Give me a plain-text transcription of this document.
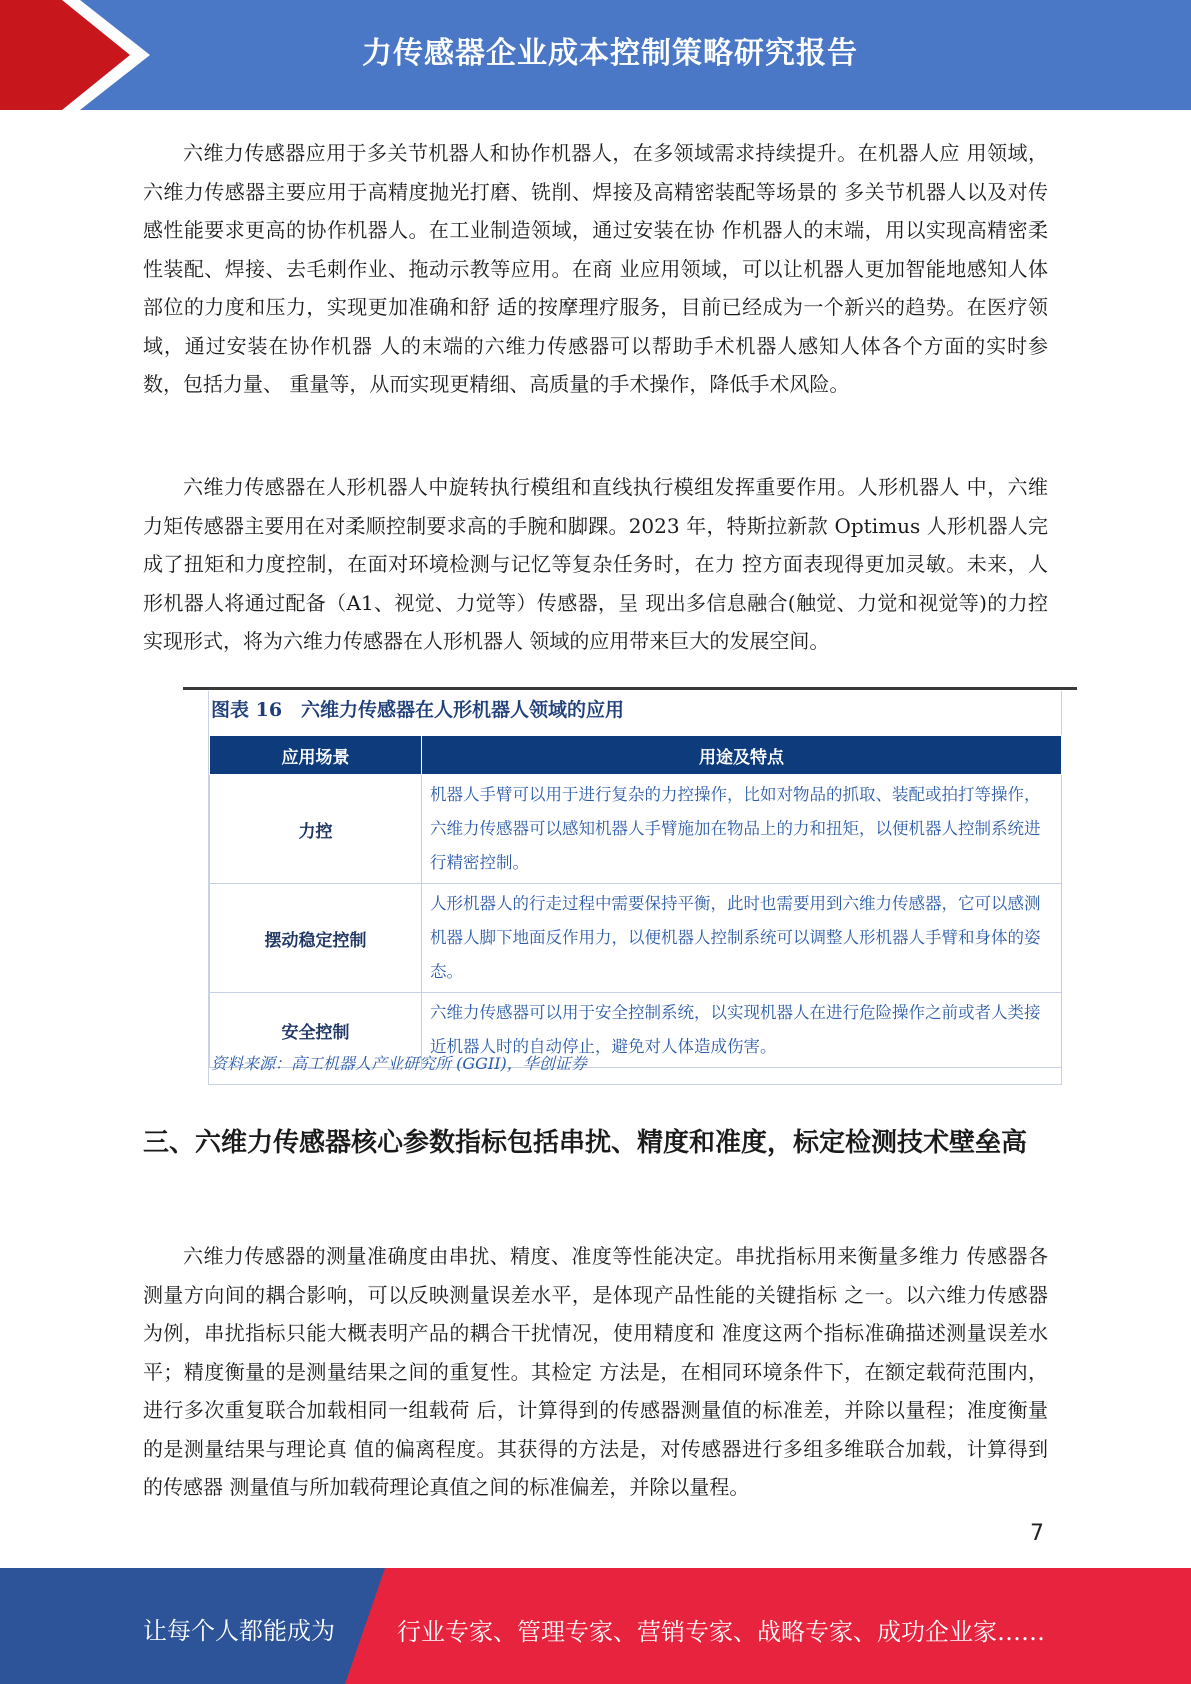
力传感器企业成本控制策略研究报告

六维力传感器应用于多关节机器人和协作机器人，在多领域需求持续提升。在机器人应 用领域，六维力传感器主要应用于高精度抛光打磨、铣削、焊接及高精密装配等场景的 多关节机器人以及对传感性能要求更高的协作机器人。在工业制造领域，通过安装在协 作机器人的末端，用以实现高精密柔性装配、焊接、去毛刺作业、拖动示教等应用。在商 业应用领域，可以让机器人更加智能地感知人体部位的力度和压力，实现更加准确和舒 适的按摩理疗服务，目前已经成为一个新兴的趋势。在医疗领域，通过安装在协作机器 人的末端的六维力传感器可以帮助手术机器人感知人体各个方面的实时参数，包括力量、 重量等，从而实现更精细、高质量的手术操作，降低手术风险。

六维力传感器在人形机器人中旋转执行模组和直线执行模组发挥重要作用。人形机器人 中，六维力矩传感器主要用在对柔顺控制要求高的手腕和脚踝。2023 年，特斯拉新款 Optimus 人形机器人完成了扭矩和力度控制，在面对环境检测与记忆等复杂任务时，在力 控方面表现得更加灵敏。未来，人形机器人将通过配备（A1、视觉、力觉等）传感器，呈 现出多信息融合(触觉、力觉和视觉等)的力控实现形式，将为六维力传感器在人形机器人 领域的应用带来巨大的发展空间。

图表 16　六维力传感器在人形机器人领域的应用
应用场景	用途及特点
力控	机器人手臂可以用于进行复杂的力控操作，比如对物品的抓取、装配或拍打等操作，六维力传感器可以感知机器人手臂施加在物品上的力和扭矩，以便机器人控制系统进行精密控制。
摆动稳定控制	人形机器人的行走过程中需要保持平衡，此时也需要用到六维力传感器，它可以感测机器人脚下地面反作用力，以便机器人控制系统可以调整人形机器人手臂和身体的姿态。
安全控制	六维力传感器可以用于安全控制系统，以实现机器人在进行危险操作之前或者人类接近机器人时的自动停止，避免对人体造成伤害。
资料来源：高工机器人产业研究所 (GGII)，华创证券
三、六维力传感器核心参数指标包括串扰、精度和准度，标定检测技术壁垒高

六维力传感器的测量准确度由串扰、精度、准度等性能决定。串扰指标用来衡量多维力 传感器各测量方向间的耦合影响，可以反映测量误差水平，是体现产品性能的关键指标 之一。以六维力传感器为例，串扰指标只能大概表明产品的耦合干扰情况，使用精度和 准度这两个指标准确描述测量误差水平；精度衡量的是测量结果之间的重复性。其检定 方法是，在相同环境条件下，在额定载荷范围内，进行多次重复联合加载相同一组载荷 后，计算得到的传感器测量值的标准差，并除以量程；准度衡量的是测量结果与理论真 值的偏离程度。其获得的方法是，对传感器进行多组多维联合加载，计算得到的传感器 测量值与所加载荷理论真值之间的标准偏差，并除以量程。

7
让每个人都能成为	行业专家、管理专家、营销专家、战略专家、成功企业家……
